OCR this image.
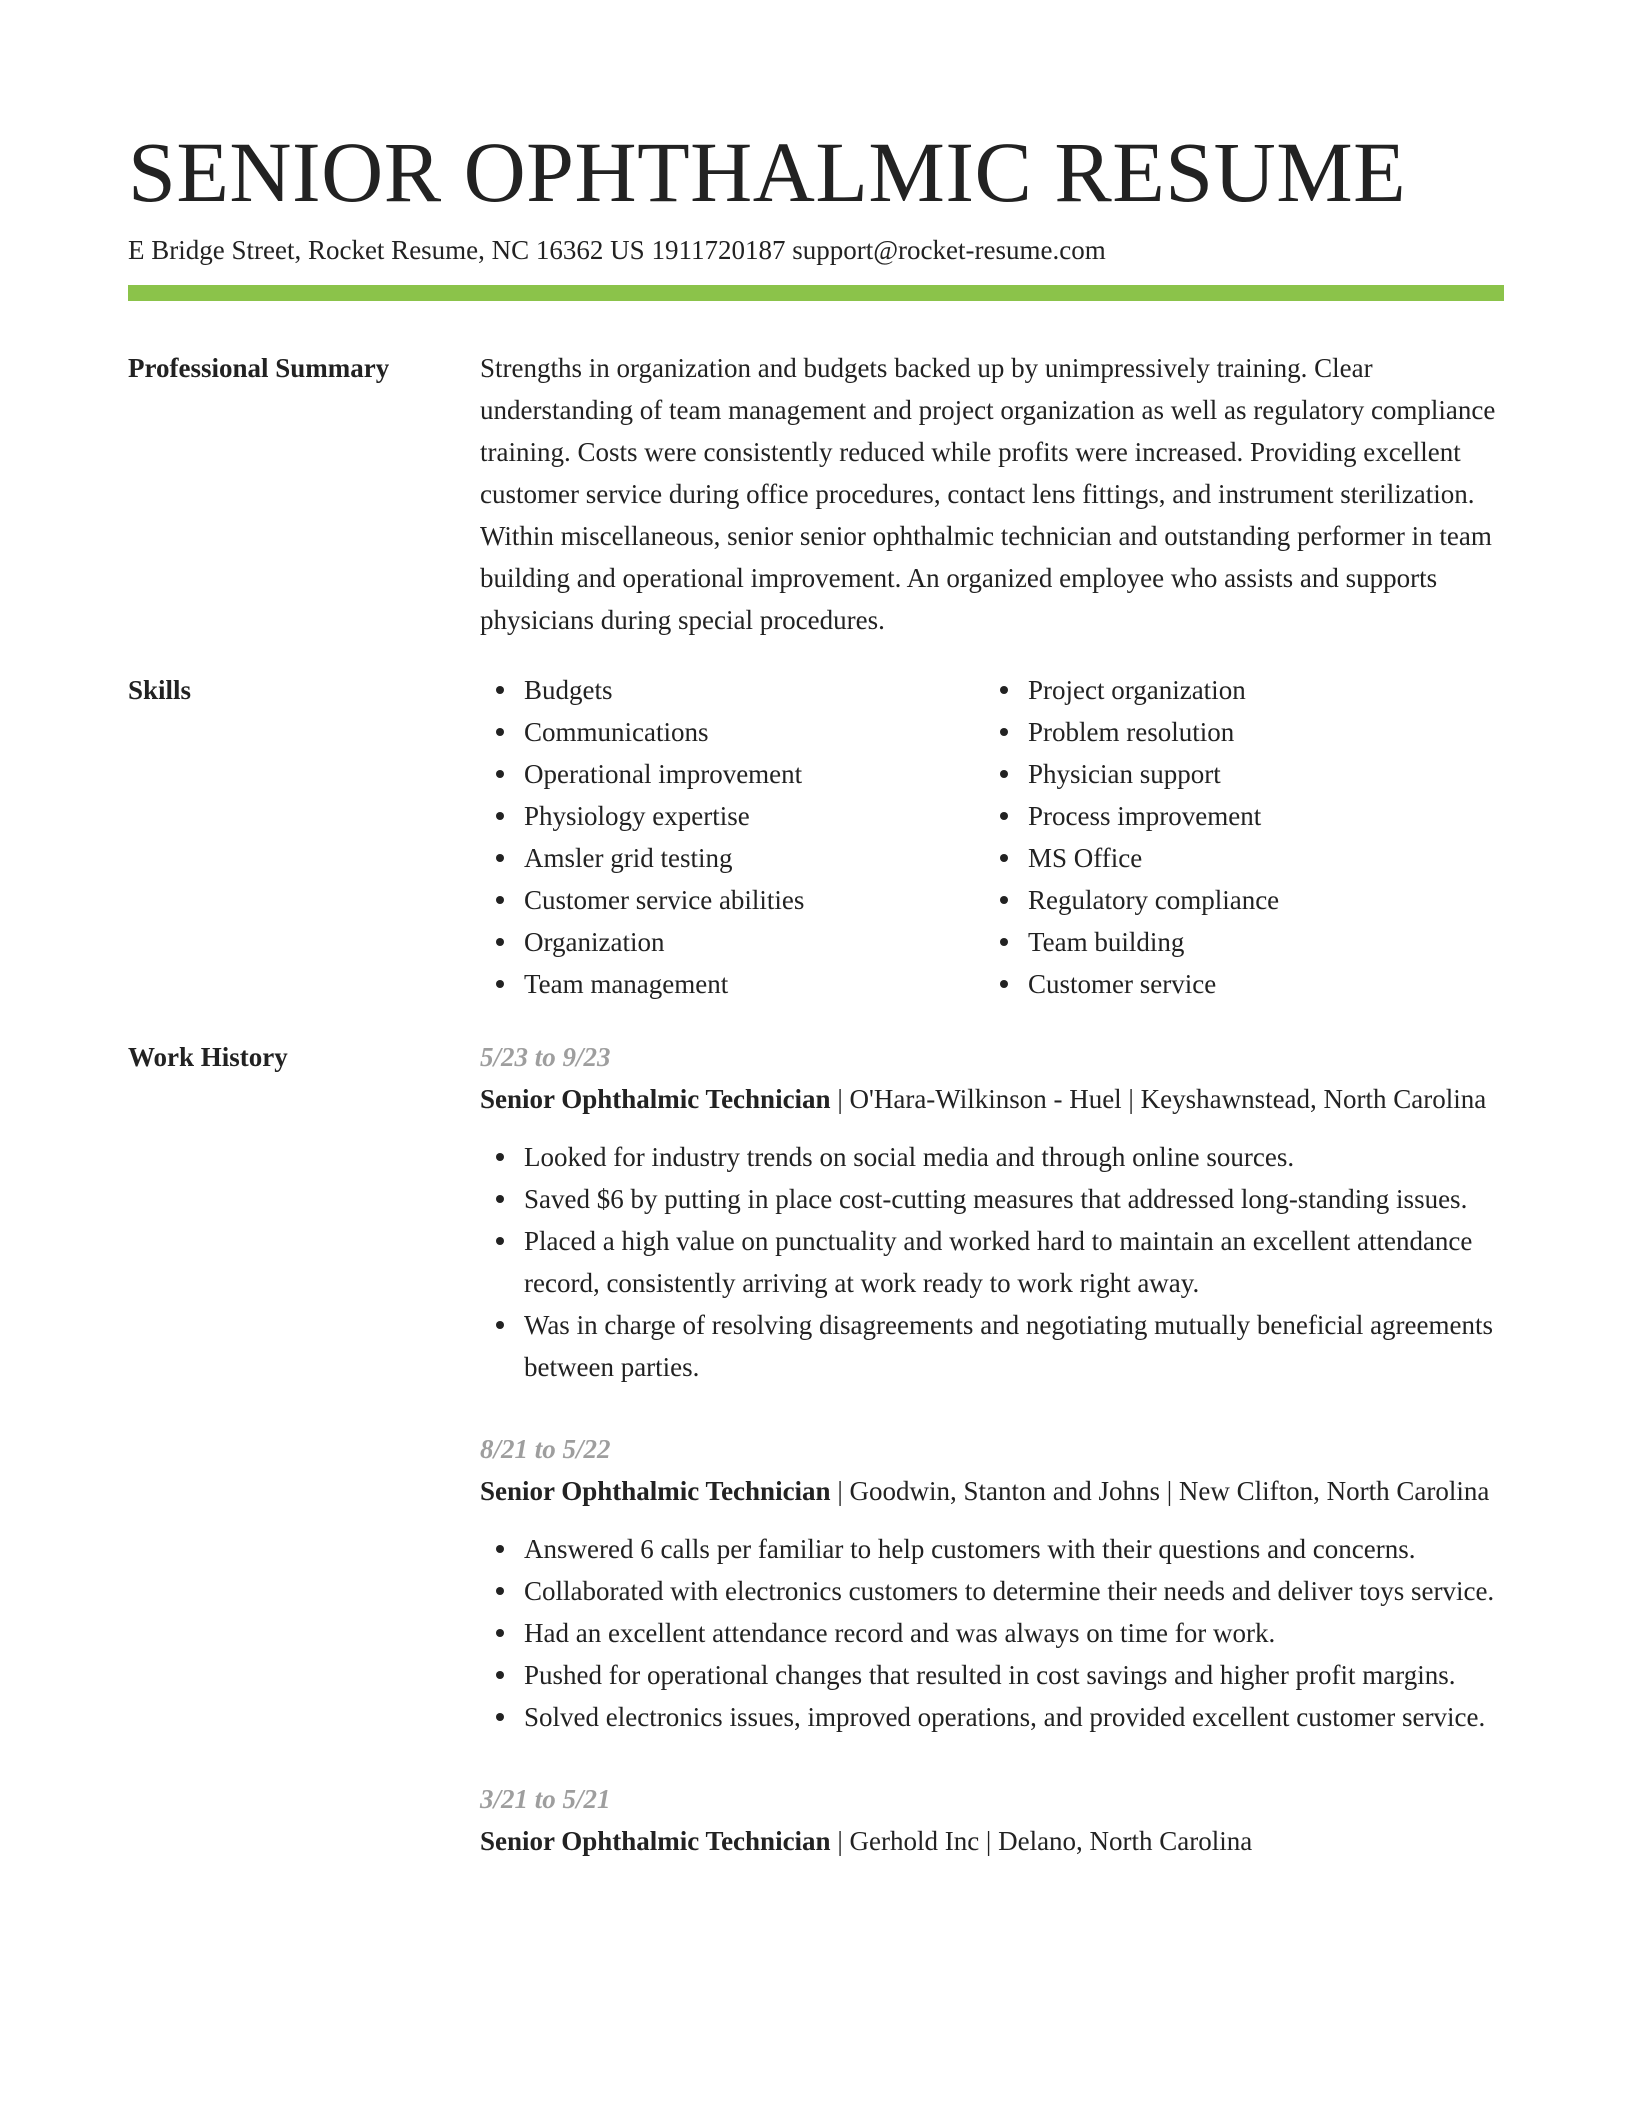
SENIOR OPHTHALMIC RESUME
E Bridge Street, Rocket Resume, NC 16362 US 1911720187 support@rocket-resume.com
Professional Summary	Strengths in organization and budgets backed up by unimpressively training. Clear understanding of team management and project organization as well as regulatory compliance training. Costs were consistently reduced while profits were increased. Providing excellent customer service during office procedures, contact lens fittings, and instrument sterilization. Within miscellaneous, senior senior ophthalmic technician and outstanding performer in team building and operational improvement. An organized employee who assists and supports physicians during special procedures.
Skills	Budgets
Communications
Operational improvement
Physiology expertise
Amsler grid testing
Customer service abilities
Organization
Team management
Project organization
Problem resolution
Physician support
Process improvement
MS Office
Regulatory compliance
Team building
Customer service
Work History	5/23 to 9/23
Senior Ophthalmic Technician | O'Hara-Wilkinson - Huel | Keyshawnstead, North Carolina
Looked for industry trends on social media and through online sources.
Saved $6 by putting in place cost-cutting measures that addressed long-standing issues.
Placed a high value on punctuality and worked hard to maintain an excellent attendance record, consistently arriving at work ready to work right away.
Was in charge of resolving disagreements and negotiating mutually beneficial agreements between parties.
8/21 to 5/22
Senior Ophthalmic Technician | Goodwin, Stanton and Johns | New Clifton, North Carolina
Answered 6 calls per familiar to help customers with their questions and concerns.
Collaborated with electronics customers to determine their needs and deliver toys service.
Had an excellent attendance record and was always on time for work.
Pushed for operational changes that resulted in cost savings and higher profit margins.
Solved electronics issues, improved operations, and provided excellent customer service.
3/21 to 5/21
Senior Ophthalmic Technician | Gerhold Inc | Delano, North Carolina
